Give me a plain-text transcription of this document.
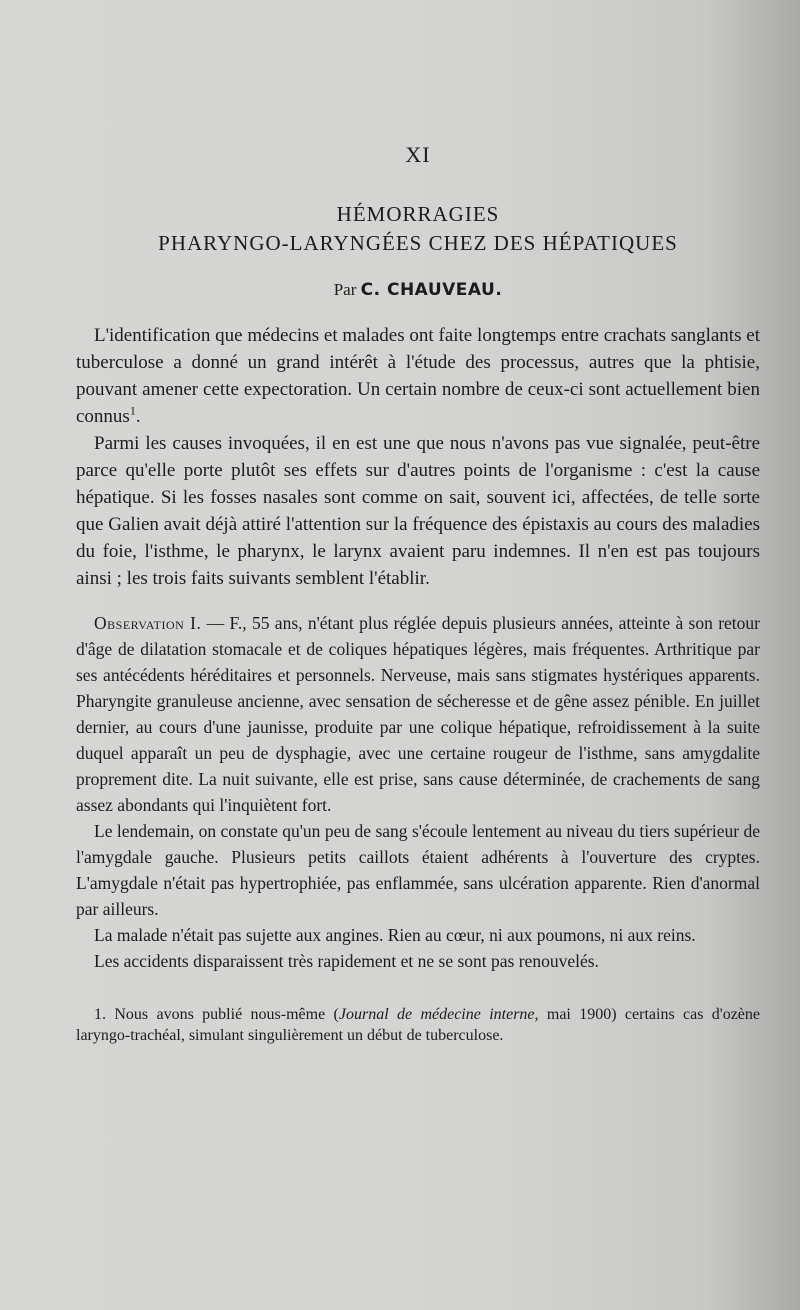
XI
HÉMORRAGIES
PHARYNGO-LARYNGÉES CHEZ DES HÉPATIQUES
Par C. CHAUVEAU.

L'identification que médecins et malades ont faite longtemps entre crachats sanglants et tuberculose a donné un grand intérêt à l'étude des processus, autres que la phtisie, pouvant amener cette expectoration. Un certain nombre de ceux-ci sont actuellement bien connus$^1$.

Parmi les causes invoquées, il en est une que nous n'avons pas vue signalée, peut-être parce qu'elle porte plutôt ses effets sur d'autres points de l'organisme : c'est la cause hépatique. Si les fosses nasales sont comme on sait, souvent ici, affectées, de telle sorte que Galien avait déjà attiré l'attention sur la fréquence des épistaxis au cours des maladies du foie, l'isthme, le pharynx, le larynx avaient paru indemnes. Il n'en est pas toujours ainsi ; les trois faits suivants semblent l'établir.

Observation I. — F., 55 ans, n'étant plus réglée depuis plusieurs années, atteinte à son retour d'âge de dilatation stomacale et de coliques hépatiques légères, mais fréquentes. Arthritique par ses antécédents héréditaires et personnels. Nerveuse, mais sans stigmates hystériques apparents. Pharyngite granuleuse ancienne, avec sensation de sécheresse et de gêne assez pénible. En juillet dernier, au cours d'une jaunisse, produite par une colique hépatique, refroidissement à la suite duquel apparaît un peu de dysphagie, avec une certaine rougeur de l'isthme, sans amygdalite proprement dite. La nuit suivante, elle est prise, sans cause déterminée, de crachements de sang assez abondants qui l'inquiètent fort.

Le lendemain, on constate qu'un peu de sang s'écoule lentement au niveau du tiers supérieur de l'amygdale gauche. Plusieurs petits caillots étaient adhérents à l'ouverture des cryptes. L'amygdale n'était pas hypertrophiée, pas enflammée, sans ulcération apparente. Rien d'anormal par ailleurs.

La malade n'était pas sujette aux angines. Rien au cœur, ni aux poumons, ni aux reins.

Les accidents disparaissent très rapidement et ne se sont pas renouvelés.

1. Nous avons publié nous-même (Journal de médecine interne, mai 1900) certains cas d'ozène laryngo-trachéal, simulant singulièrement un début de tuberculose.
